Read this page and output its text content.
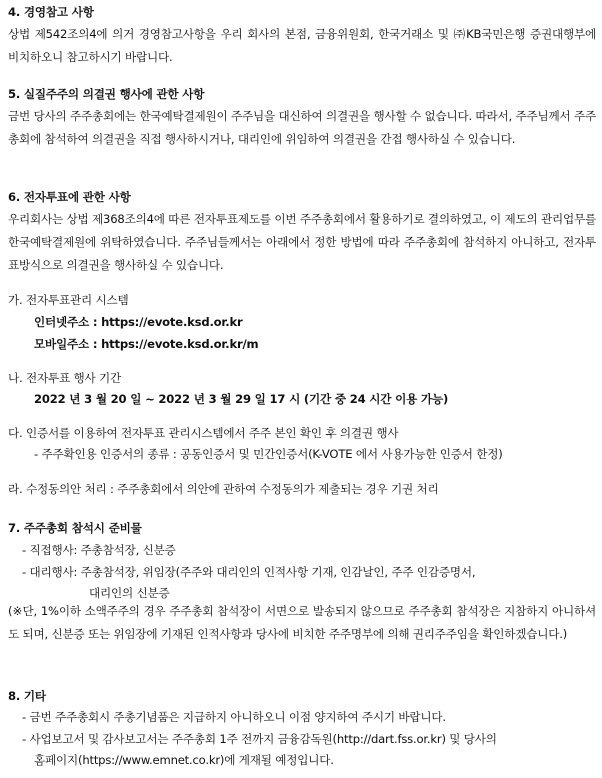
4. 경영참고 사항

상법 제542조의4에 의거 경영참고사항을 우리 회사의 본점, 금융위원회, 한국거래소 및 ㈜KB국민은행 증권대행부에 비치하오니 참고하시기 바랍니다.

5. 실질주주의 의결권 행사에 관한 사항

금번 당사의 주주총회에는 한국예탁결제원이 주주님을 대신하여 의결권을 행사할 수 없습니다. 따라서, 주주님께서 주주총회에 참석하여 의결권을 직접 행사하시거나, 대리인에 위임하여 의결권을 간접 행사하실 수 있습니다.

6. 전자투표에 관한 사항

우리회사는 상법 제368조의4에 따른 전자투표제도를 이번 주주총회에서 활용하기로 결의하였고, 이 제도의 관리업무를 한국예탁결제원에 위탁하였습니다. 주주님들께서는 아래에서 정한 방법에 따라 주주총회에 참석하지 아니하고, 전자투표방식으로 의결권을 행사하실 수 있습니다.

가. 전자투표관리 시스템
인터넷주소 : https://evote.ksd.or.kr
모바일주소 : https://evote.ksd.or.kr/m
나. 전자투표 행사 기간
2022 년 3 월 20 일 ~ 2022 년 3 월 29 일 17 시 (기간 중 24 시간 이용 가능)
다. 인증서를 이용하여 전자투표 관리시스템에서 주주 본인 확인 후 의결권 행사
- 주주확인용 인증서의 종류 : 공동인증서 및 민간인증서(K-VOTE 에서 사용가능한 인증서 한정)
라. 수정동의안 처리 : 주주총회에서 의안에 관하여 수정동의가 제출되는 경우 기권 처리
7. 주주총회 참석시 준비물
- 직접행사: 주총참석장, 신분증
- 대리행사: 주총참석장, 위임장(주주와 대리인의 인적사항 기재, 인감날인, 주주 인감증명서,
대리인의 신분증

(※단, 1%이하 소액주주의 경우 주주총회 참석장이 서면으로 발송되지 않으므로 주주총회 참석장은 지참하지 아니하셔도 되며, 신분증 또는 위임장에 기재된 인적사항과 당사에 비치한 주주명부에 의해 권리주주임을 확인하겠습니다.)

8. 기타
- 금번 주주총회시 주총기념품은 지급하지 아니하오니 이점 양지하여 주시기 바랍니다.
- 사업보고서 및 감사보고서는 주주총회 1주 전까지 금융감독원(http://dart.fss.or.kr) 및 당사의
홈페이지(https://www.emnet.co.kr)에 게재될 예정입니다.
